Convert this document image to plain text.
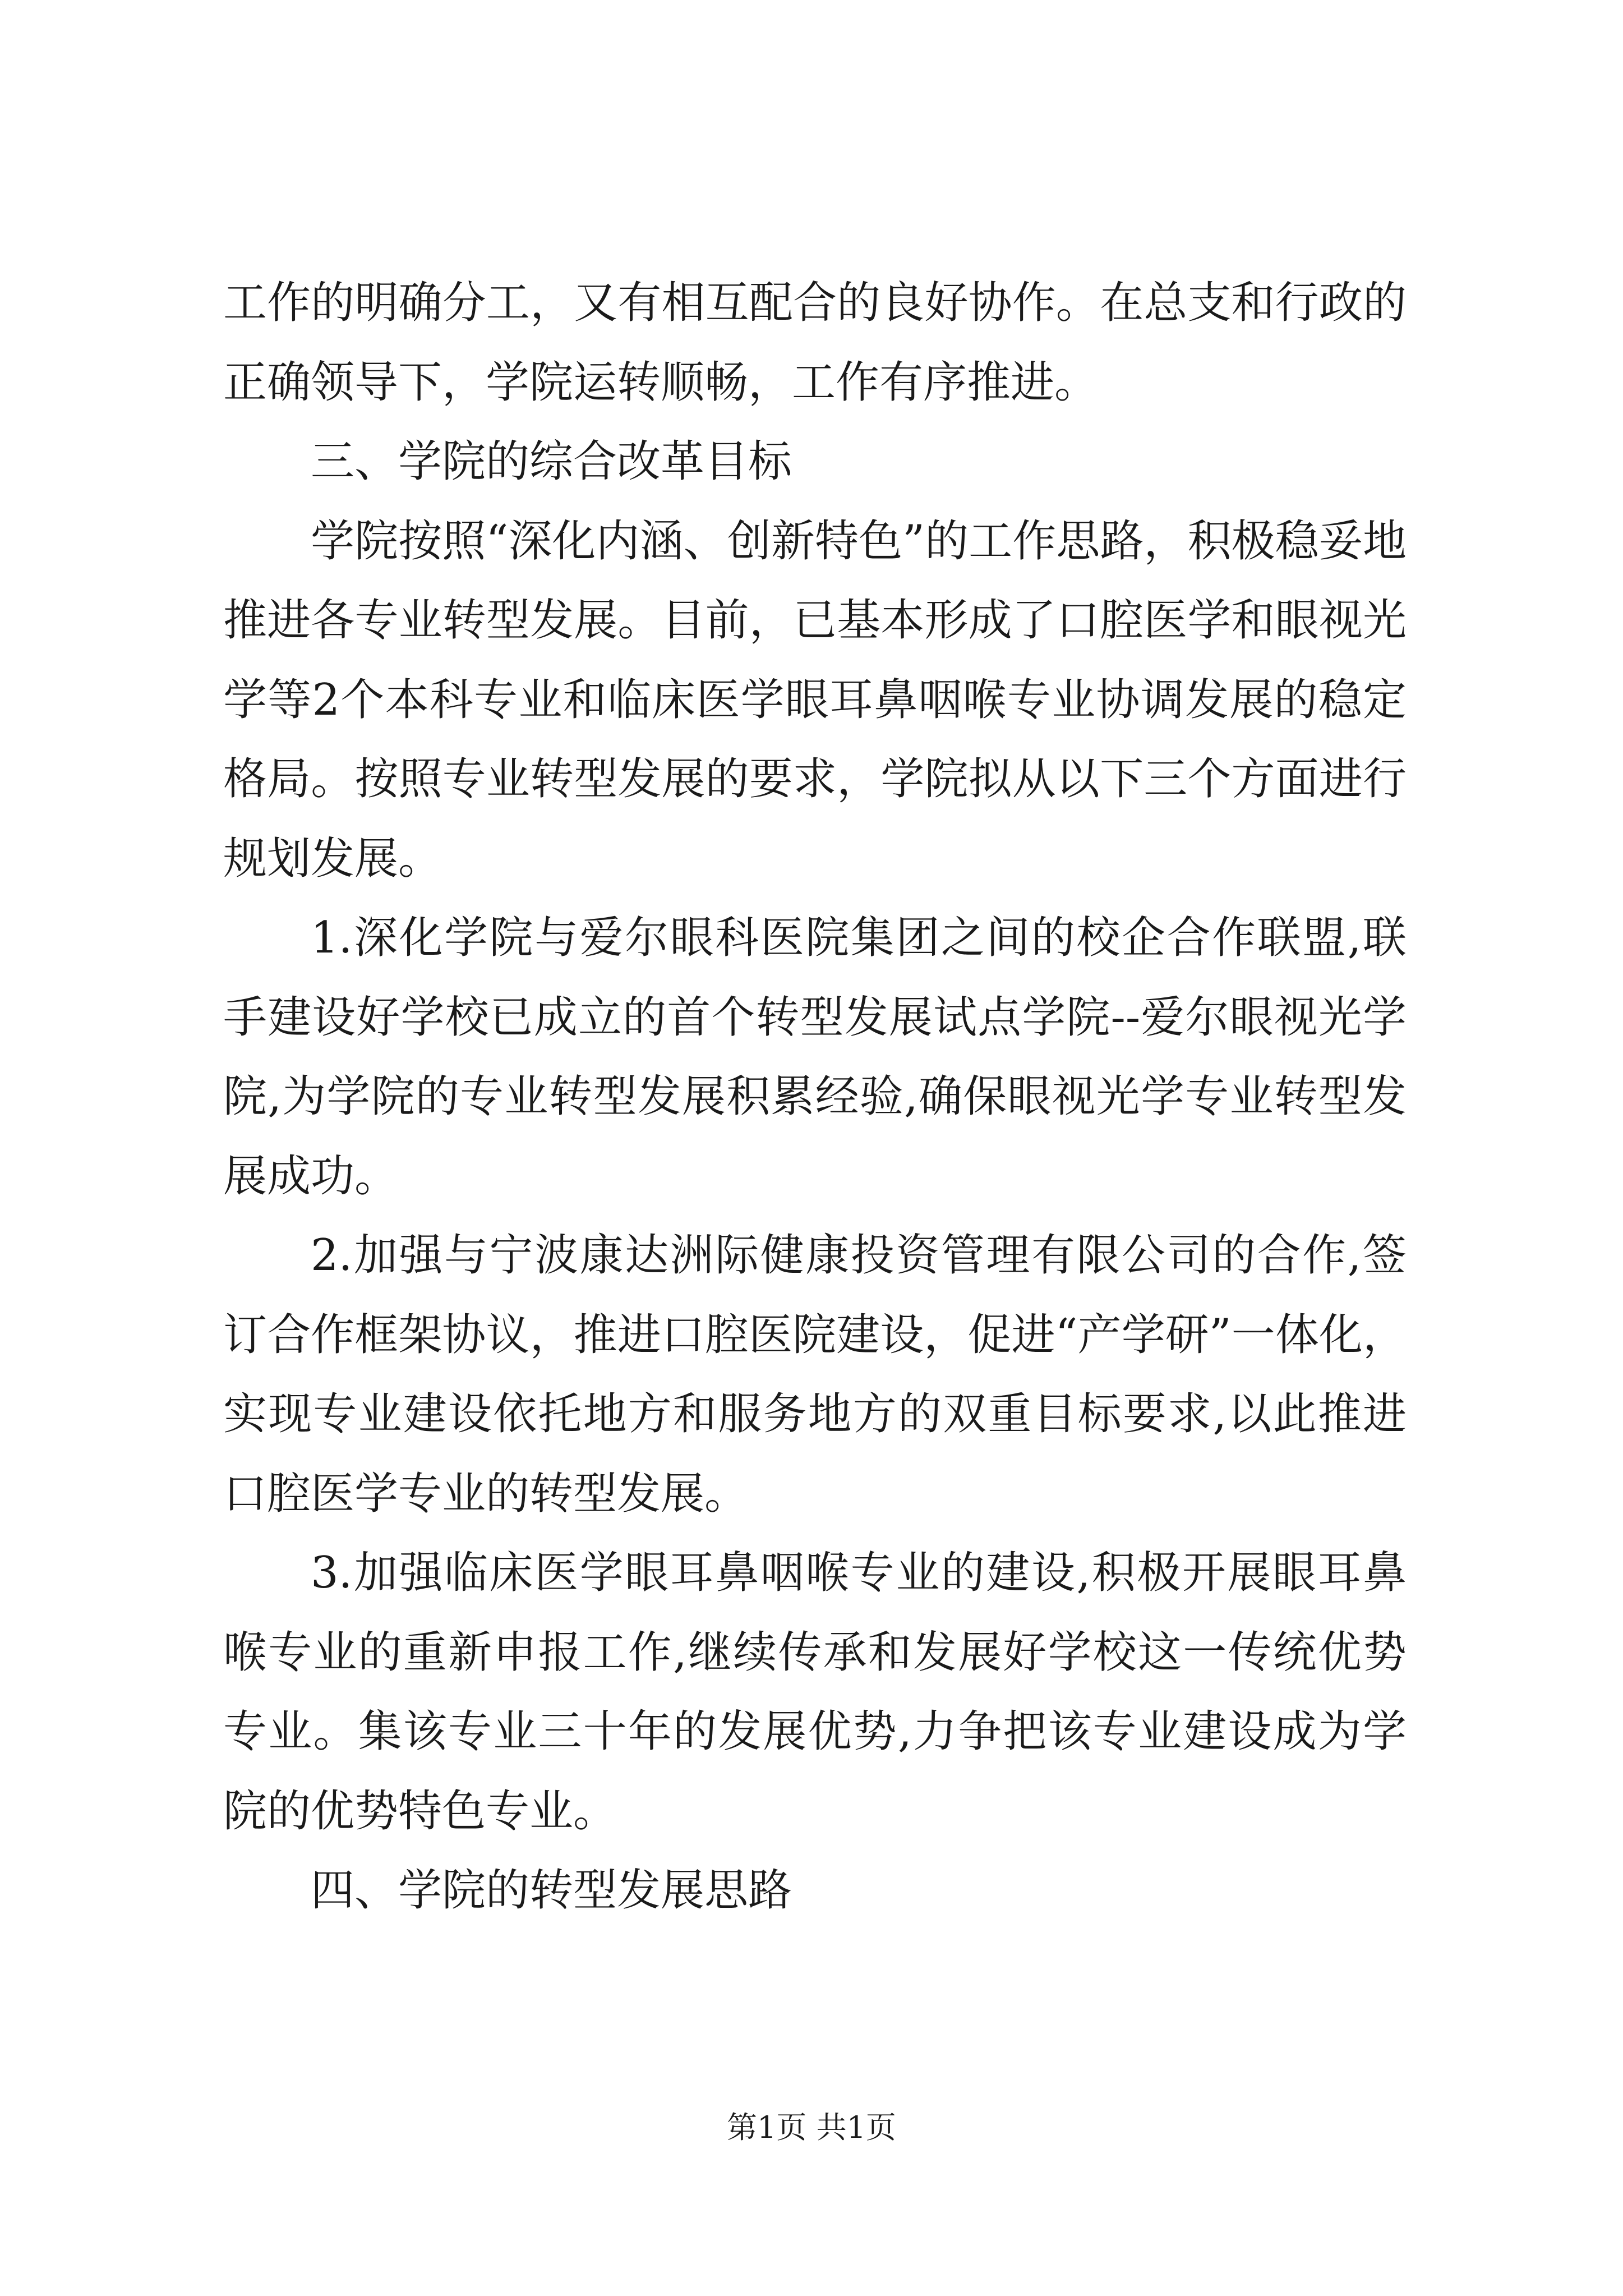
工作的明确分工，又有相互配合的良好协作。在总支和行政的正确领导下，学院运转顺畅，工作有序推进。

三、学院的综合改革目标

学院按照“深化内涵、创新特色”的工作思路，积极稳妥地推进各专业转型发展。目前，已基本形成了口腔医学和眼视光学等2个本科专业和临床医学眼耳鼻咽喉专业协调发展的稳定格局。按照专业转型发展的要求，学院拟从以下三个方面进行规划发展。

1.深化学院与爱尔眼科医院集团之间的校企合作联盟,联手建设好学校已成立的首个转型发展试点学院--爱尔眼视光学院,为学院的专业转型发展积累经验,确保眼视光学专业转型发展成功。

2.加强与宁波康达洲际健康投资管理有限公司的合作,签订合作框架协议，推进口腔医院建设，促进“产学研”一体化，实现专业建设依托地方和服务地方的双重目标要求,以此推进口腔医学专业的转型发展。

3.加强临床医学眼耳鼻咽喉专业的建设,积极开展眼耳鼻喉专业的重新申报工作,继续传承和发展好学校这一传统优势专业。集该专业三十年的发展优势,力争把该专业建设成为学院的优势特色专业。

四、学院的转型发展思路

第1页 共1页
